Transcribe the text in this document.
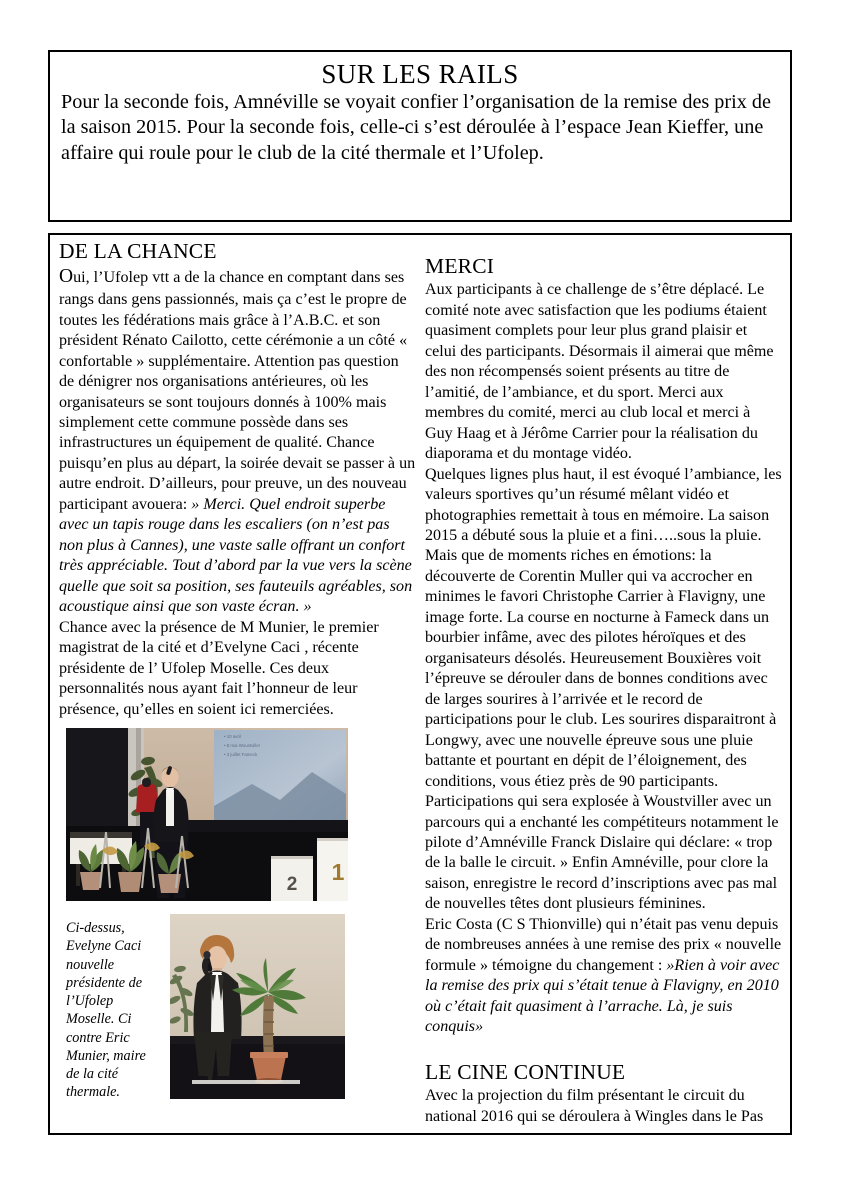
SUR LES RAILS

Pour la seconde fois, Amnéville se voyait confier l’organisation de la remise des prix de la saison 2015. Pour la seconde fois, celle-ci s’est déroulée à l’espace Jean Kieffer, une affaire qui roule pour le club de la cité thermale et l’Ufolep.

DE LA CHANCE

Oui, l’Ufolep vtt a de la chance en comptant dans ses rangs dans gens passionnés, mais ça c’est le propre de toutes les fédérations mais grâce à l’A.B.C. et son président Rénato Cailotto, cette cérémonie a un côté « confortable » supplémentaire. Attention pas question de dénigrer nos organisations antérieures, où les organisateurs se sont toujours donnés à 100% mais simplement cette commune possède dans ses infrastructures un équipement de qualité. Chance puisqu’en plus au départ, la soirée devait se passer à un autre endroit. D’ailleurs, pour preuve, un des nouveau participant avouera: » Merci. Quel endroit superbe avec un tapis rouge dans les escaliers (on n’est pas non plus à Cannes), une vaste salle offrant un confort très appréciable. Tout d’abord par la vue vers la scène quelle que soit sa position, ses fauteuils agréables, son acoustique ainsi que son vaste écran. »

Chance avec la présence de M Munier, le premier magistrat de la cité et d’Evelyne Caci , récente présidente de l’ Ufolep Moselle. Ces deux personnalités nous ayant fait l’honneur de leur présence, qu’elles en soient ici remerciées.

• 10 avril
• 8 mai Woustviller
• 3 juillet Fameck
2 1

Ci-dessus, Evelyne Caci nouvelle présidente de l’Ufolep Moselle. Ci contre Eric Munier, maire de la cité thermale.

MERCI

Aux participants à ce challenge de s’être déplacé. Le comité note avec satisfaction que les podiums étaient quasiment complets pour leur plus grand plaisir et celui des participants. Désormais il aimerai que même des non récompensés soient présents au titre de l’amitié, de l’ambiance, et du sport. Merci aux membres du comité, merci au club local et merci à Guy Haag et à Jérôme Carrier pour la réalisation du diaporama et du montage vidéo.

Quelques lignes plus haut, il est évoqué l’ambiance, les valeurs sportives qu’un résumé mêlant vidéo et photographies remettait à tous en mémoire. La saison 2015 a débuté sous la pluie et a fini…..sous la pluie. Mais que de moments riches en émotions: la découverte de Corentin Muller qui va accrocher en minimes le favori Christophe Carrier à Flavigny, une image forte. La course en nocturne à Fameck dans un bourbier infâme, avec des pilotes héroïques et des organisateurs désolés. Heureusement Bouxières voit l’épreuve se dérouler dans de bonnes conditions avec de larges sourires à l’arrivée et le record de participations pour le club. Les sourires disparaitront à Longwy, avec une nouvelle épreuve sous une pluie battante et pourtant en dépit de l’éloignement, des conditions, vous étiez près de 90 participants. Participations qui sera explosée à Woustviller avec un parcours qui a enchanté les compétiteurs notamment le pilote d’Amnéville Franck Dislaire qui déclare: « trop de la balle le circuit. » Enfin Amnéville, pour clore la saison, enregistre le record d’inscriptions avec pas mal de nouvelles têtes dont plusieurs féminines.

Eric Costa (C S Thionville) qui n’était pas venu depuis de nombreuses années à une remise des prix « nouvelle formule » témoigne du changement : »Rien à voir avec la remise des prix qui s’était tenue à Flavigny, en 2010 où c’était fait quasiment à l’arrache. Là, je suis conquis»

LE CINE CONTINUE

Avec la projection du film présentant le circuit du national 2016 qui se déroulera à Wingles dans le Pas
